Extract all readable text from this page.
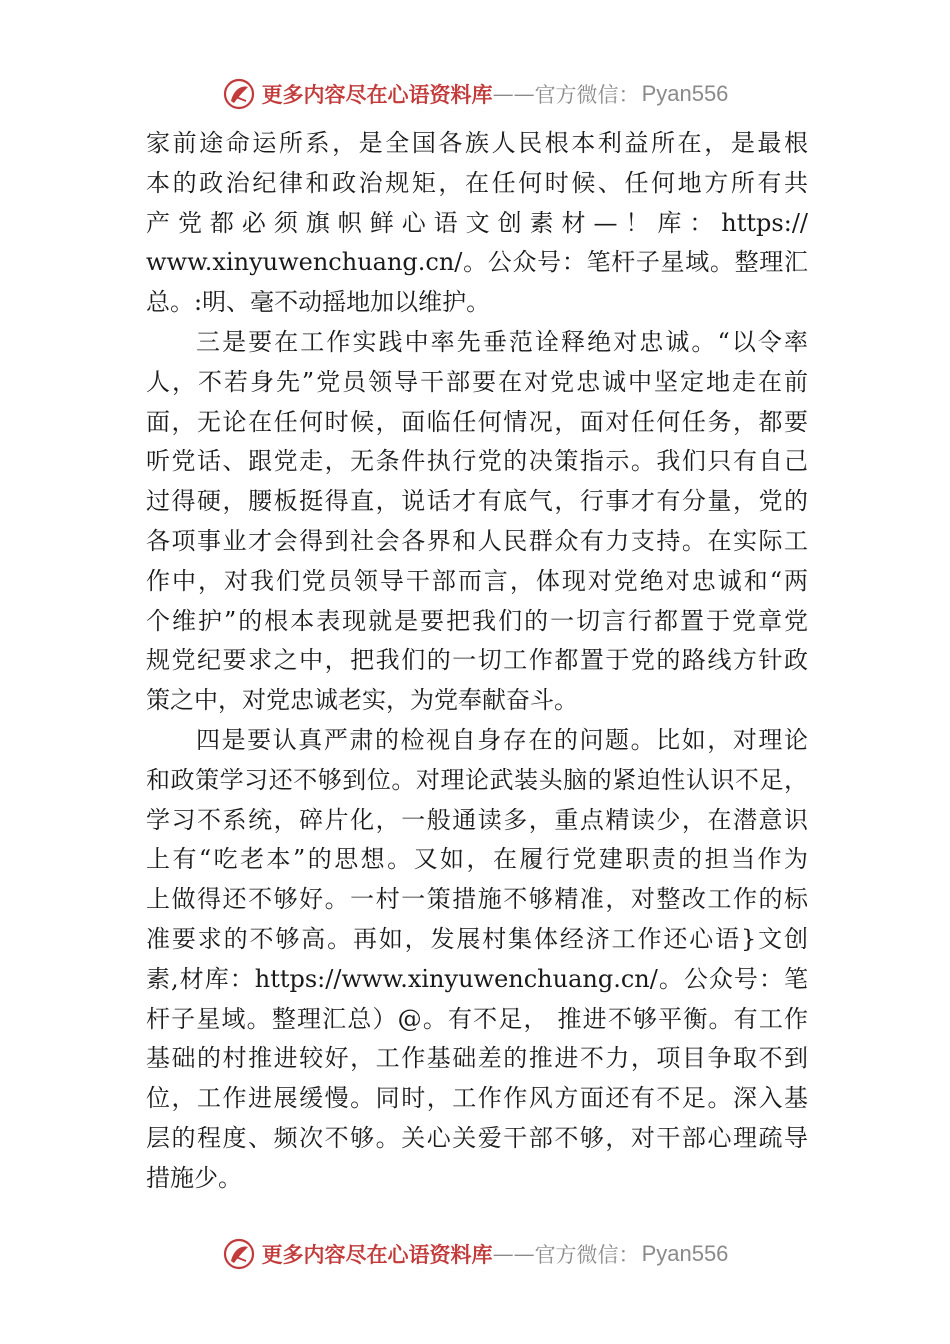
更多内容尽在心语资料库 —— 官方微信： Pyan556
家前途命运所系，是全国各族人民根本利益所在，是最根
本的政治纪律和政治规矩，在任何时候、任何地方所有共
产党都必须旗帜鲜心语文创素材—！库：https://
www.xinyuwenchuang.cn/。公众号：笔杆子星域。整理汇
总。:明、毫不动摇地加以维护。
三是要在工作实践中率先垂范诠释绝对忠诚。“以令率
人，不若身先”党员领导干部要在对党忠诚中坚定地走在前
面，无论在任何时候，面临任何情况，面对任何任务，都要
听党话、跟党走，无条件执行党的决策指示。我们只有自己
过得硬，腰板挺得直，说话才有底气，行事才有分量，党的
各项事业才会得到社会各界和人民群众有力支持。在实际工
作中，对我们党员领导干部而言，体现对党绝对忠诚和“两
个维护”的根本表现就是要把我们的一切言行都置于党章党
规党纪要求之中，把我们的一切工作都置于党的路线方针政
策之中，对党忠诚老实，为党奉献奋斗。
四是要认真严肃的检视自身存在的问题。比如，对理论
和政策学习还不够到位。对理论武装头脑的紧迫性认识不足，
学习不系统，碎片化，一般通读多，重点精读少，在潜意识
上有“吃老本”的思想。又如，在履行党建职责的担当作为
上做得还不够好。一村一策措施不够精准，对整改工作的标
准要求的不够高。再如，发展村集体经济工作还心语}文创
素,材库：https://www.xinyuwenchuang.cn/。公众号：笔
杆子星域。整理汇总）@。有不足， 推进不够平衡。有工作
基础的村推进较好，工作基础差的推进不力，项目争取不到
位，工作进展缓慢。同时，工作作风方面还有不足。深入基
层的程度、频次不够。关心关爱干部不够，对干部心理疏导
措施少。
更多内容尽在心语资料库 —— 官方微信： Pyan556
